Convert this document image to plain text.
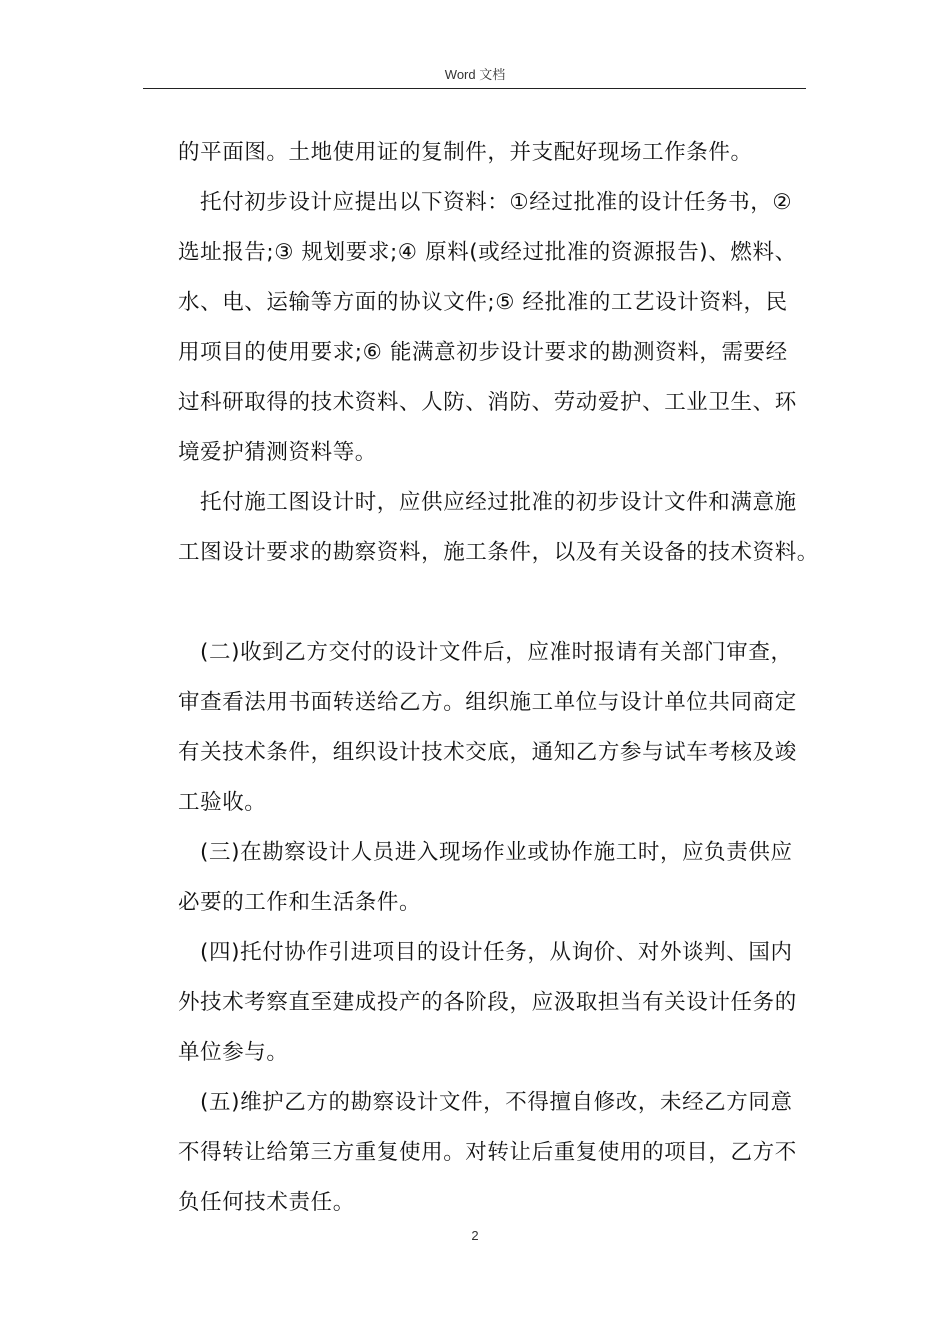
Word 文档
的平面图。土地使用证的复制件，并支配好现场工作条件。
托付初步设计应提出以下资料：①经过批准的设计任务书，②
选址报告;③ 规划要求;④ 原料(或经过批准的资源报告)、燃料、
水、电、运输等方面的协议文件;⑤ 经批准的工艺设计资料，民
用项目的使用要求;⑥ 能满意初步设计要求的勘测资料，需要经
过科研取得的技术资料、人防、消防、劳动爱护、工业卫生、环
境爱护猜测资料等。
托付施工图设计时，应供应经过批准的初步设计文件和满意施
工图设计要求的勘察资料，施工条件，以及有关设备的技术资料。
(二)收到乙方交付的设计文件后，应准时报请有关部门审查，
审查看法用书面转送给乙方。组织施工单位与设计单位共同商定
有关技术条件，组织设计技术交底，通知乙方参与试车考核及竣
工验收。
(三)在勘察设计人员进入现场作业或协作施工时，应负责供应
必要的工作和生活条件。
(四)托付协作引进项目的设计任务，从询价、对外谈判、国内
外技术考察直至建成投产的各阶段，应汲取担当有关设计任务的
单位参与。
(五)维护乙方的勘察设计文件，不得擅自修改，未经乙方同意
不得转让给第三方重复使用。对转让后重复使用的项目，乙方不
负任何技术责任。
2
